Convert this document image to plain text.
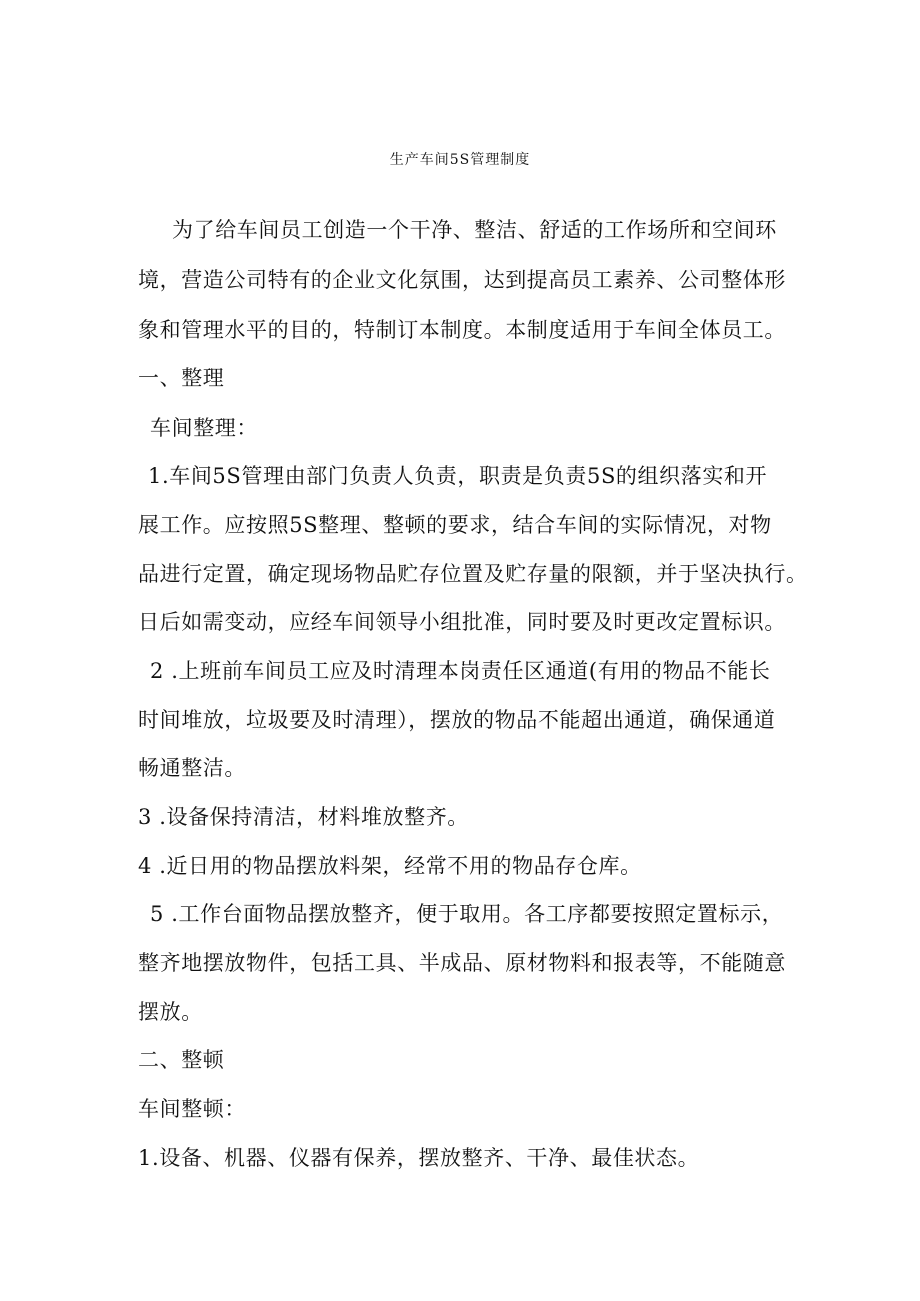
生产车间5S管理制度
为了给车间员工创造一个干净、整洁、舒适的工作场所和空间环
境，营造公司特有的企业文化氛围，达到提高员工素养、公司整体形
象和管理水平的目的，特制订本制度。本制度适用于车间全体员工。
一、整理
车间整理：
1.车间5S管理由部门负责人负责，职责是负责5S的组织落实和开
展工作。应按照5S整理、整顿的要求，结合车间的实际情况，对物
品进行定置，确定现场物品贮存位置及贮存量的限额，并于坚决执行。
日后如需变动，应经车间领导小组批准，同时要及时更改定置标识。
2 .上班前车间员工应及时清理本岗责任区通道(有用的物品不能长
时间堆放，垃圾要及时清理），摆放的物品不能超出通道，确保通道
畅通整洁。
3 .设备保持清洁，材料堆放整齐。
4 .近日用的物品摆放料架，经常不用的物品存仓库。
5 .工作台面物品摆放整齐，便于取用。各工序都要按照定置标示，
整齐地摆放物件，包括工具、半成品、原材物料和报表等，不能随意
摆放。
二、整顿
车间整顿：
1.设备、机器、仪器有保养，摆放整齐、干净、最佳状态。
